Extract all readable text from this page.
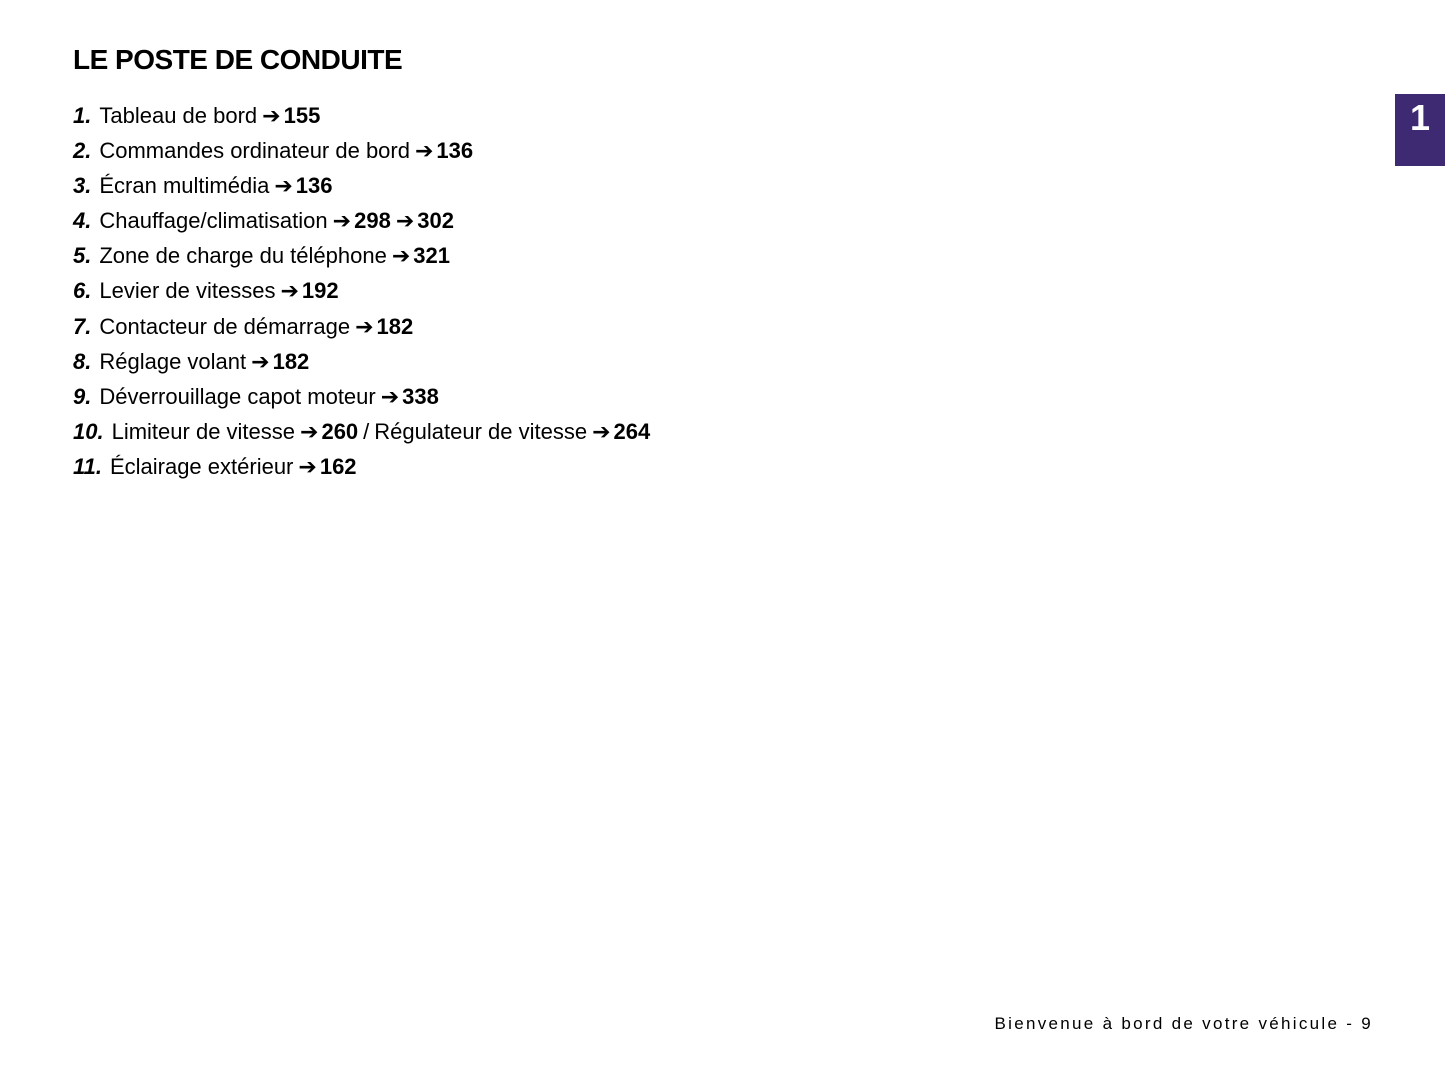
LE POSTE DE CONDUITE
1
1. Tableau de bord ➔ 155
2. Commandes ordinateur de bord ➔ 136
3. Écran multimédia ➔ 136
4. Chauffage/climatisation ➔ 298 ➔ 302
5. Zone de charge du téléphone ➔ 321
6. Levier de vitesses ➔ 192
7. Contacteur de démarrage ➔ 182
8. Réglage volant ➔ 182
9. Déverrouillage capot moteur ➔ 338
10. Limiteur de vitesse ➔ 260 / Régulateur de vitesse ➔ 264
11. Éclairage extérieur ➔ 162
Bienvenue à bord de votre véhicule - 9
